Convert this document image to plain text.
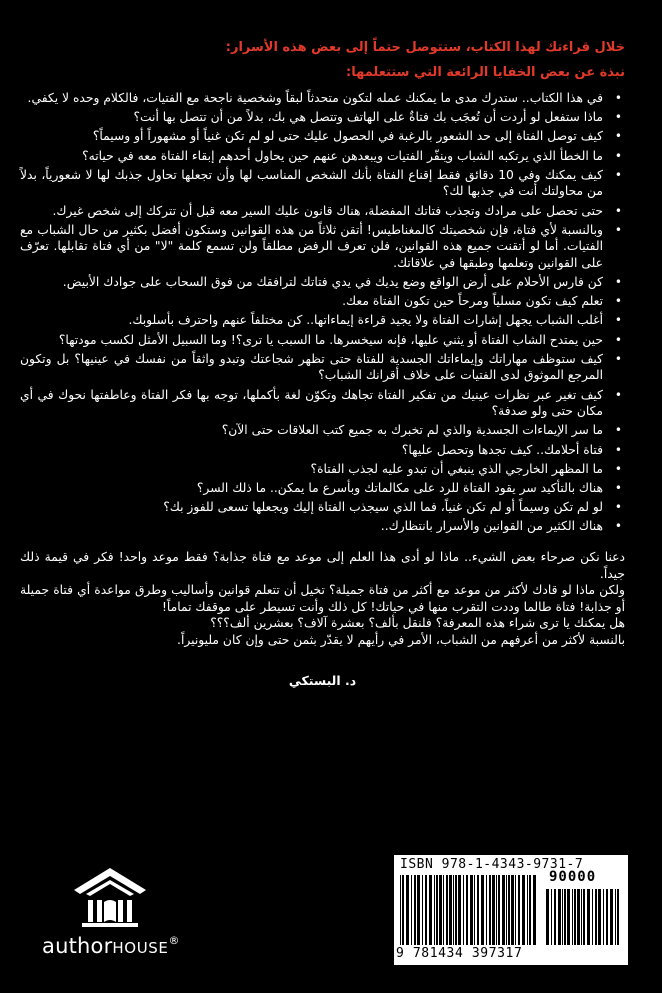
خلال قراءتك لهذا الكتاب، ستتوصل حتماً إلى بعض هذه الأسرار:

نبذة عن بعض الخفايا الرائعة التي ستتعلمها:

• في هذا الكتاب.. ستدرك مدى ما يمكنك عمله لتكون متحدثاً لبقاً وشخصية ناجحة مع الفتيات، فالكلام وحده لا يكفي.
• ماذا ستفعل لو أردت أن تُعجَب بك فتاةٌ على الهاتف وتتصل هي بك، بدلاً من أن تتصل بها أنت؟
• كيف توصل الفتاة إلى حد الشعور بالرغبة في الحصول عليك حتى لو لم تكن غنياً أو مشهوراً أو وسيماً؟
• ما الخطأ الذي يرتكبه الشباب وينفّر الفتيات ويبعدهن عنهم حين يحاول أحدهم إبقاء الفتاة معه في حياته؟
• كيف يمكنك وفي 10 دقائق فقط إقناع الفتاة بأنك الشخص المناسب لها وأن تجعلها تحاول جذبك لها لا شعورياً، بدلاً من محاولتك أنت في جذبها لك؟
• حتى تحصل على مرادك وتجذب فتاتك المفضلة، هناك قانون عليك السير معه قبل أن تتركك إلى شخص غيرك.
• وبالنسبة لأي فتاة، فإن شخصيتك كالمغناطيس! أتقن ثلاثاً من هذه القوانين وستكون أفضل بكثير من حال الشباب مع الفتيات. أما لو أتقنت جميع هذه القوانين، فلن تعرف الرفض مطلقاً ولن تسمع كلمة "لا" من أي فتاة تقابلها. تعرّف على القوانين وتعلمها وطبقها في علاقاتك.
• كن فارس الأحلام على أرض الواقع وضع يديك في يدي فتاتك لترافقك من فوق السحاب على جوادك الأبيض.
• تعلم كيف تكون مسلياً ومرحاً حين تكون الفتاة معك.
• أغلب الشباب يجهل إشارات الفتاة ولا يجيد قراءة إيماءاتها.. كن مختلفاً عنهم واحترف بأسلوبك.
• حين يمتدح الشاب الفتاة أو يثني عليها، فإنه سيخسرها. ما السبب يا ترى؟! وما السبيل الأمثل لكسب مودتها؟
• كيف ستوظف مهاراتك وإيماءاتك الجسدية للفتاة حتى تظهر شجاعتك وتبدو واثقاً من نفسك في عينيها؟ بل وتكون المرجع الموثوق لدى الفتيات على خلاف أقرانك الشباب؟
• كيف تغير عبر نظرات عينيك من تفكير الفتاة تجاهك وتكوّن لغة بأكملها، توجه بها فكر الفتاة وعاطفتها نحوك في أي مكان حتى ولو صدفة؟
• ما سر الإيماءات الجسدية والذي لم تخبرك به جميع كتب العلاقات حتى الآن؟
• فتاة أحلامك.. كيف تجدها وتحصل عليها؟
• ما المظهر الخارجي الذي ينبغي أن تبدو عليه لجذب الفتاة؟
• هناك بالتأكيد سر يقود الفتاة للرد على مكالماتك وبأسرع ما يمكن.. ما ذلك السر؟
• لو لم تكن وسيماً أو لم تكن غنياً، فما الذي سيجذب الفتاة إليك ويجعلها تسعى للفوز بك؟
• هناك الكثير من القوانين والأسرار بانتظارك..

دعنا نكن صرحاء بعض الشيء.. ماذا لو أدى هذا العلم إلى موعد مع فتاة جذابة؟ فقط موعد واحد! فكر في قيمة ذلك جيداً.

ولكن ماذا لو قادك لأكثر من موعد مع أكثر من فتاة جميلة؟ تخيل أن تتعلم قوانين وأساليب وطرق مواعدة أي فتاة جميلة أو جذابة! فتاة طالما وددت التقرب منها في حياتك! كل ذلك وأنت تسيطر على موقفك تماماً!

هل يمكنك يا ترى شراء هذه المعرفة؟ فلنقل بألف؟ بعشرة آلاف؟ بعشرين ألف؟؟؟

بالنسبة لأكثر من أعرفهم من الشباب، الأمر في رأيهم لا يقدّر بثمن حتى وإن كان مليونيراً.

د. البستكي
authorHOUSE®
ISBN 978-1-4343-9731-7
90000
9 781434 397317
